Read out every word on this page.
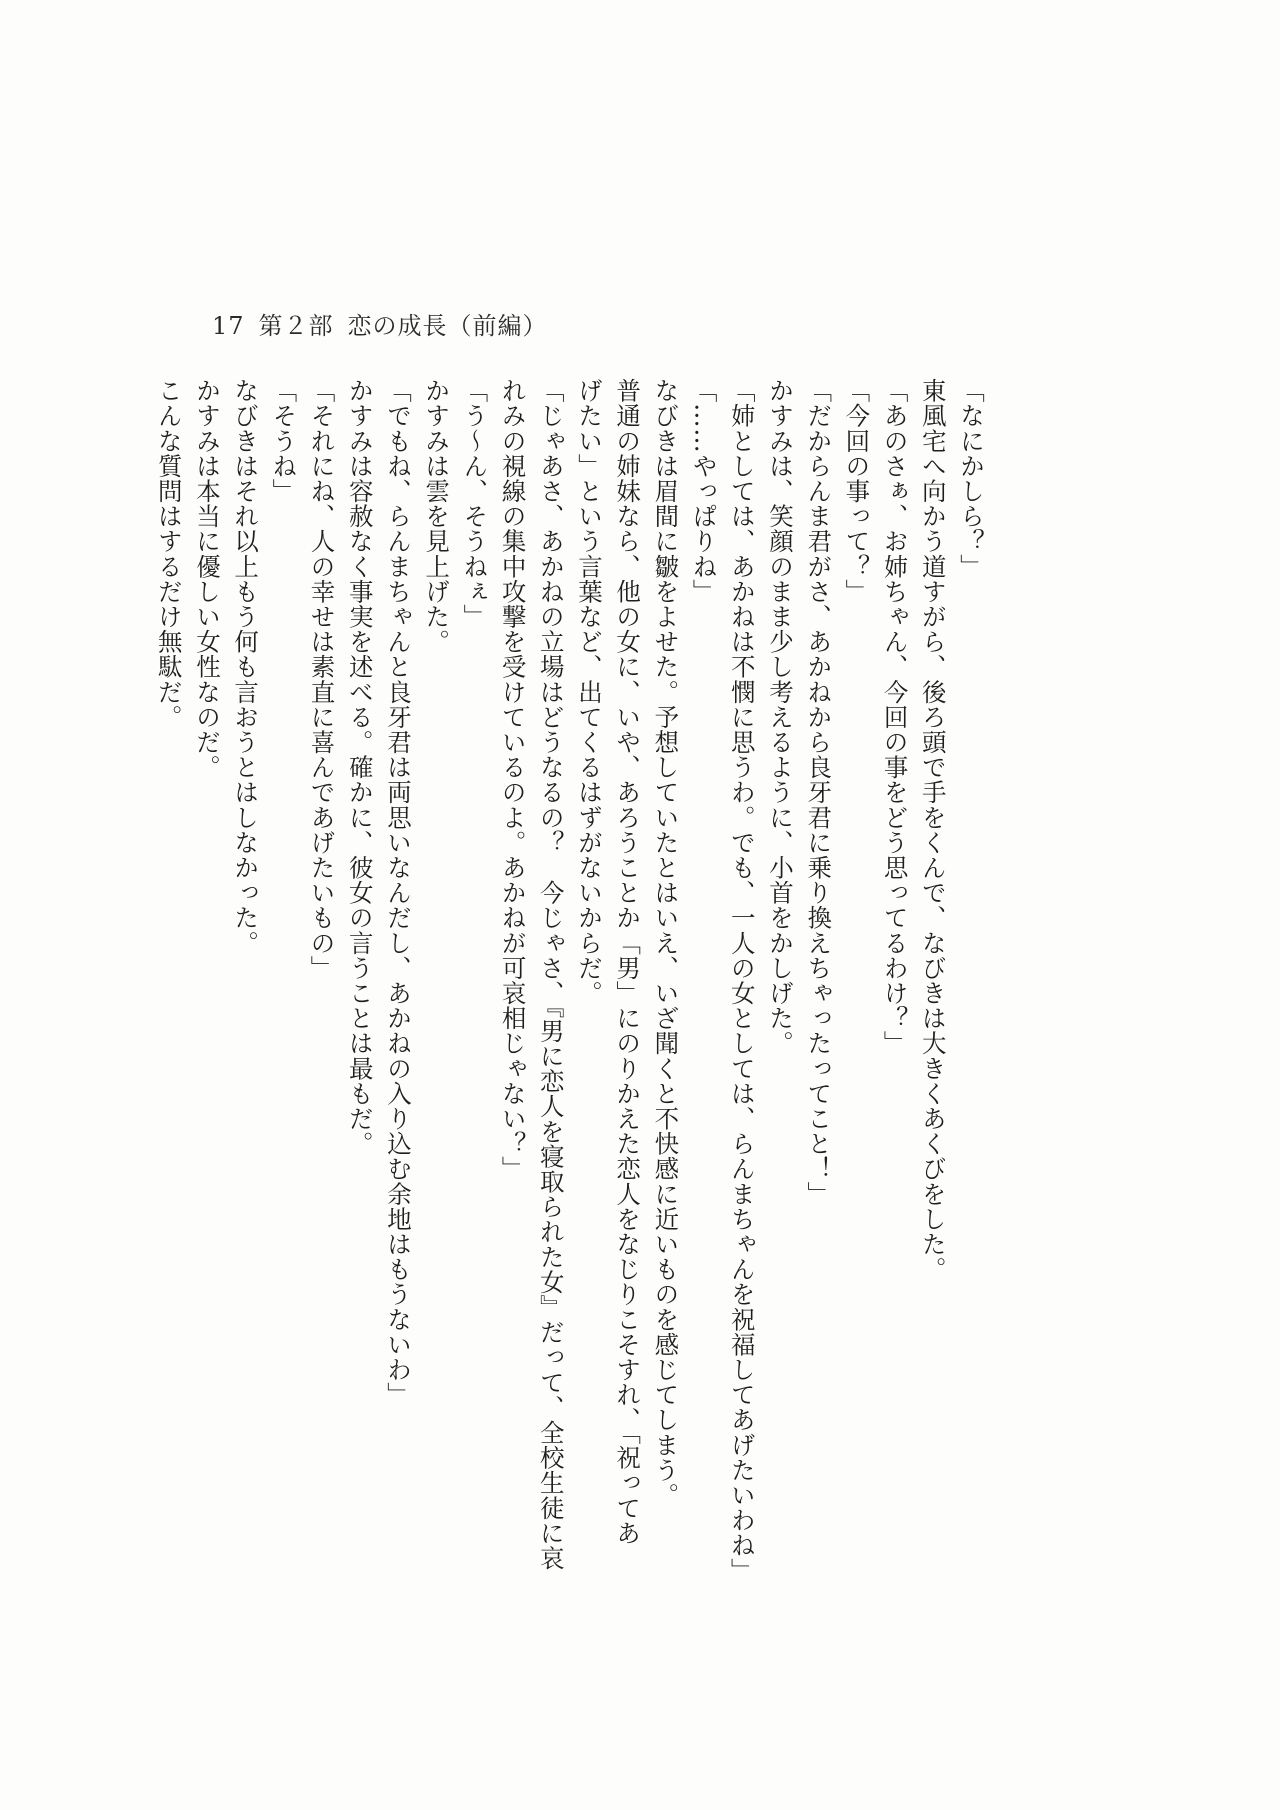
17 第２部 恋の成長（前編）
「なにかしら？」
東風宅へ向かう道すがら、後ろ頭で手をくんで、なびきは大きくあくびをした。
「あのさぁ、お姉ちゃん、今回の事をどう思ってるわけ？」
「今回の事って？」
「だからんま君がさ、あかねから良牙君に乗り換えちゃったってこと！」
かすみは、笑顔のまま少し考えるように、小首をかしげた。
「姉としては、あかねは不憫に思うわ。でも、一人の女としては、らんまちゃんを祝福してあげたいわね」
「……やっぱりね」
なびきは眉間に皺をよせた。予想していたとはいえ、いざ聞くと不快感に近いものを感じてしまう。
普通の姉妹なら、他の女に、いや、あろうことか「男」にのりかえた恋人をなじりこそすれ、「祝ってあ
げたい」という言葉など、出てくるはずがないからだ。
「じゃあさ、あかねの立場はどうなるの？　今じゃさ、『男に恋人を寝取られた女』だって、全校生徒に哀
れみの視線の集中攻撃を受けているのよ。あかねが可哀相じゃない？」
「う〜ん、そうねぇ」
かすみは雲を見上げた。
「でもね、らんまちゃんと良牙君は両思いなんだし、あかねの入り込む余地はもうないわ」
かすみは容赦なく事実を述べる。確かに、彼女の言うことは最もだ。
「それにね、人の幸せは素直に喜んであげたいもの」
「そうね」
なびきはそれ以上もう何も言おうとはしなかった。
かすみは本当に優しい女性なのだ。
こんな質問はするだけ無駄だ。
